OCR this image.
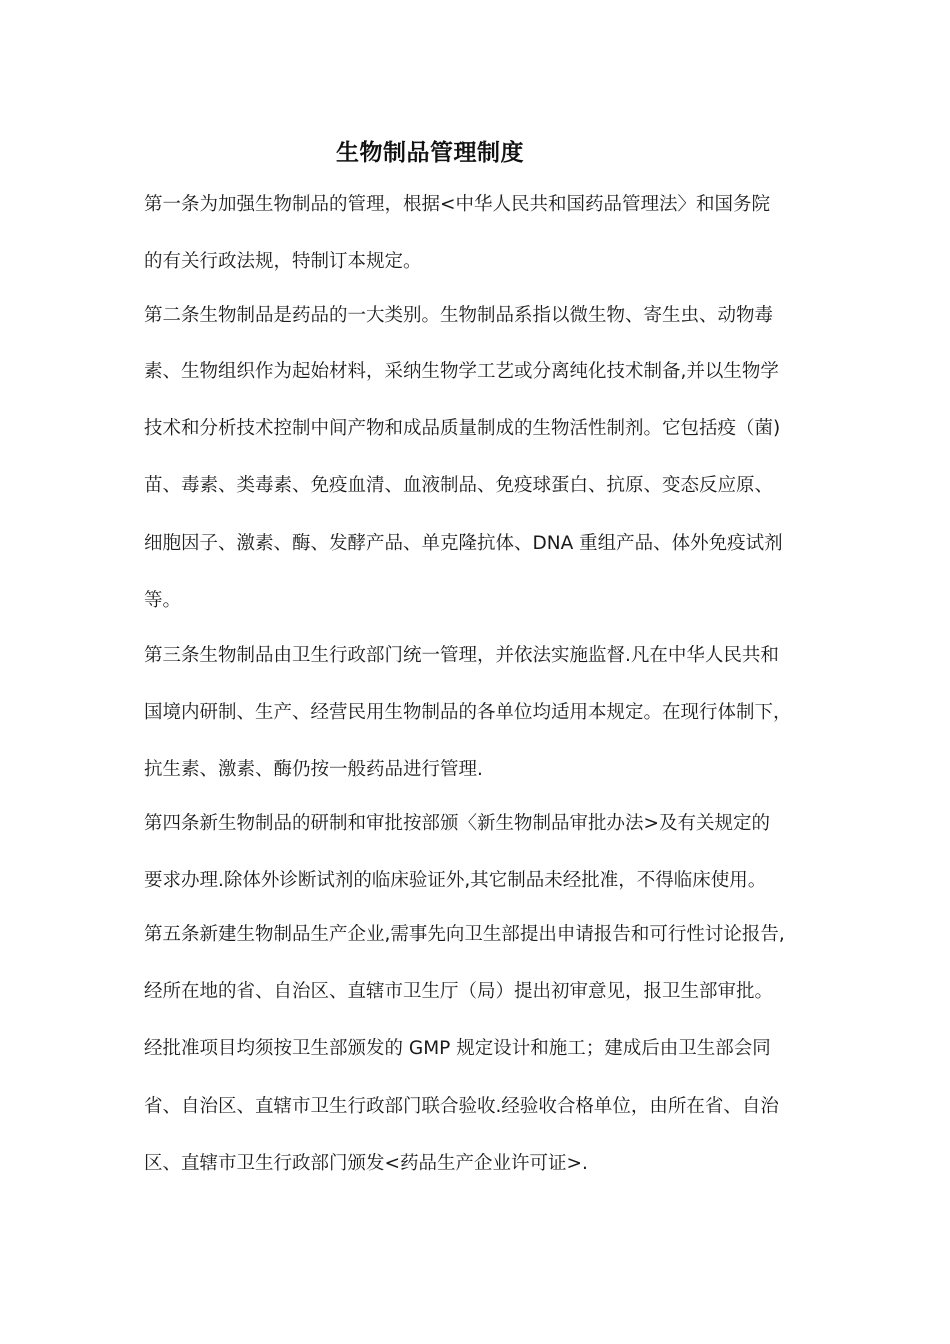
生物制品管理制度
第一条为加强生物制品的管理，根据<中华人民共和国药品管理法〉和国务院
的有关行政法规，特制订本规定。
第二条生物制品是药品的一大类别。生物制品系指以微生物、寄生虫、动物毒
素、生物组织作为起始材料，采纳生物学工艺或分离纯化技术制备,并以生物学
技术和分析技术控制中间产物和成品质量制成的生物活性制剂。它包括疫（菌)
苗、毒素、类毒素、免疫血清、血液制品、免疫球蛋白、抗原、变态反应原、
细胞因子、激素、酶、发酵产品、单克隆抗体、DNA 重组产品、体外免疫试剂
等。
第三条生物制品由卫生行政部门统一管理，并依法实施监督.凡在中华人民共和
国境内研制、生产、经营民用生物制品的各单位均适用本规定。在现行体制下，
抗生素、激素、酶仍按一般药品进行管理.
第四条新生物制品的研制和审批按部颁〈新生物制品审批办法>及有关规定的
要求办理.除体外诊断试剂的临床验证外,其它制品未经批准，不得临床使用。
第五条新建生物制品生产企业,需事先向卫生部提出申请报告和可行性讨论报告,
经所在地的省、自治区、直辖市卫生厅（局）提出初审意见，报卫生部审批。
经批准项目均须按卫生部颁发的 GMP 规定设计和施工；建成后由卫生部会同
省、自治区、直辖市卫生行政部门联合验收.经验收合格单位，由所在省、自治
区、直辖市卫生行政部门颁发<药品生产企业许可证>.
